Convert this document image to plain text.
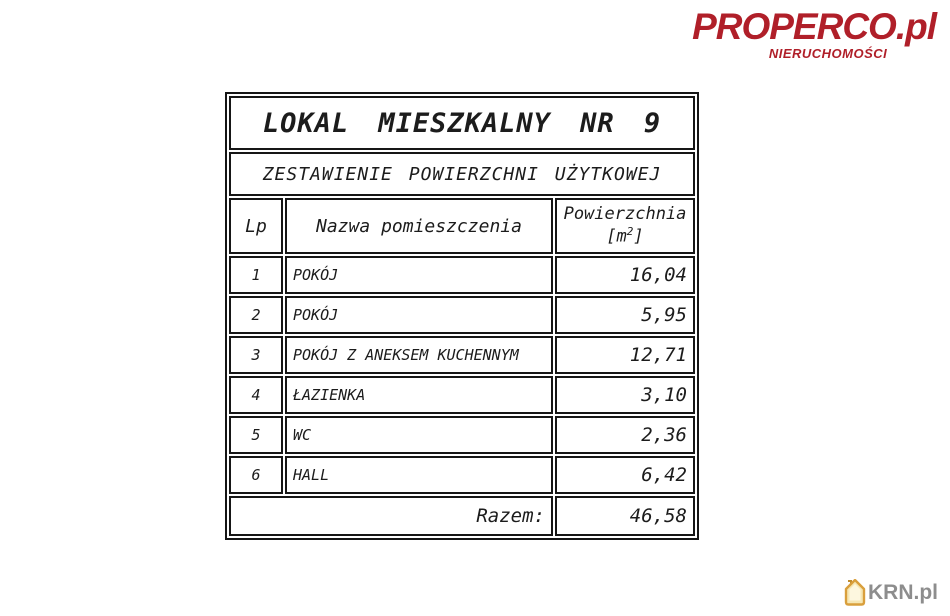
PROPERCO.pl
NIERUCHOMOŚCI
LOKAL MIESZKALNY NR 9		
ZESTAWIENIE POWIERZCHNI UŻYTKOWEJ		
Lp	Nazwa pomieszczenia	Powierzchnia
$[m^2]$
1	POKÓJ	16,04
2	POKÓJ	5,95
3	POKÓJ Z ANEKSEM KUCHENNYM	12,71
4	ŁAZIENKA	3,10
5	WC	2,36
6	HALL	6,42
Razem:		46,58
KRN.pl
